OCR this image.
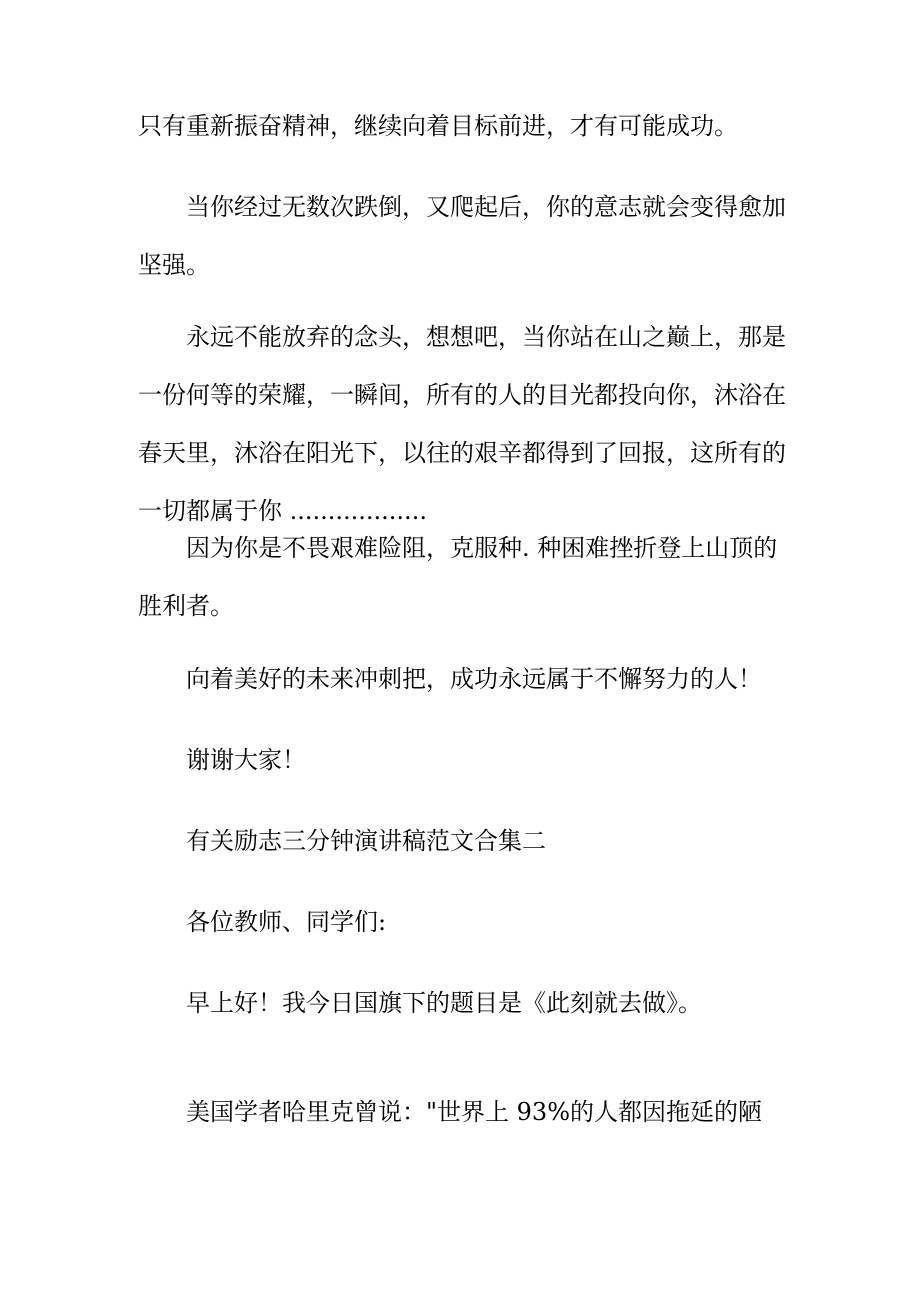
只有重新振奋精神，继续向着目标前进，才有可能成功。

当你经过无数次跌倒，又爬起后，你的意志就会变得愈加坚强。

永远不能放弃的念头，想想吧，当你站在山之巅上，那是一份何等的荣耀，一瞬间，所有的人的目光都投向你，沐浴在春天里，沐浴在阳光下，以往的艰辛都得到了回报，这所有的一切都属于你 ..................

因为你是不畏艰难险阻，克服种. 种困难挫折登上山顶的胜利者。

向着美好的未来冲刺把，成功永远属于不懈努力的人！

谢谢大家！

有关励志三分钟演讲稿范文合集二

各位教师、同学们:

早上好！我今日国旗下的题目是《此刻就去做》。

美国学者哈里克曾说："世界上 93%的人都因拖延的陋
